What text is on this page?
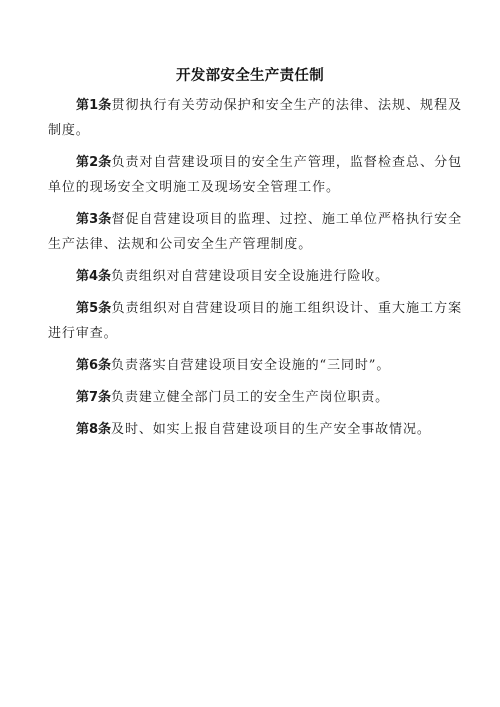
开发部安全生产责任制

第1条贯彻执行有关劳动保护和安全生产的法律、法规、规程及制度。

第2条负责对自营建设项目的安全生产管理，监督检查总、分包单位的现场安全文明施工及现场安全管理工作。

第3条督促自营建设项目的监理、过控、施工单位严格执行安全生产法律、法规和公司安全生产管理制度。

第4条负责组织对自营建设项目安全设施进行险收。

第5条负责组织对自营建设项目的施工组织设计、重大施工方案进行审查。

第6条负责落实自营建设项目安全设施的“三同时”。

第7条负责建立健全部门员工的安全生产岗位职责。

第8条及时、如实上报自营建设项目的生产安全事故情况。
